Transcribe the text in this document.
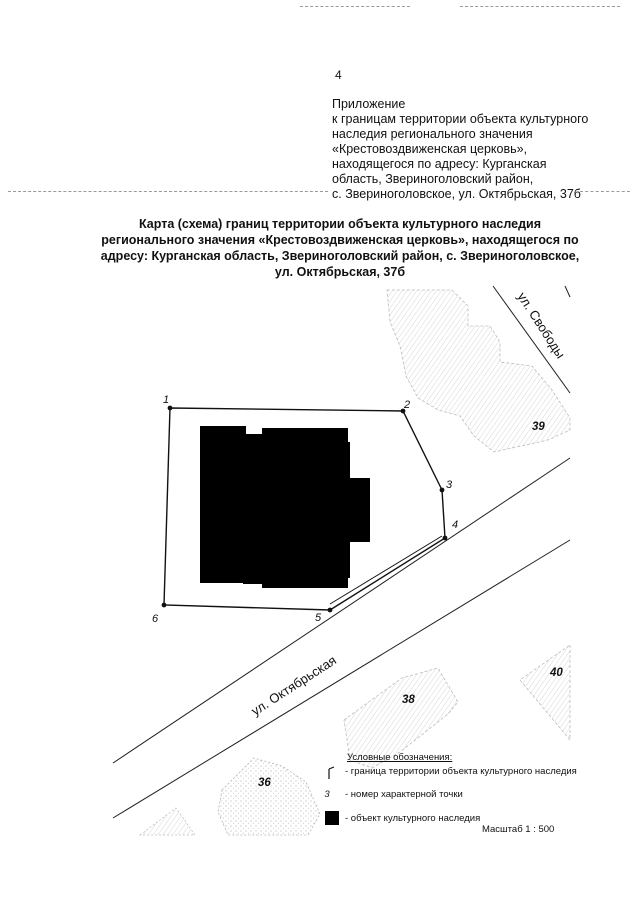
4
Приложение
к границам территории объекта культурного
наследия регионального значения
«Крестовоздвиженская церковь»,
находящегося по адресу: Курганская
область, Звериноголовский район,
с. Звериноголовское, ул. Октябрьская, 37б
Карта (схема) границ территории объекта культурного наследия
регионального значения «Крестовоздвиженская церковь», находящегося по
адресу: Курганская область, Звериноголовский район, с. Звериноголовское,
ул. Октябрьская, 37б
ул. Свободы
ул. Октябрьская
39
40
38
36
1	2
3
4
5
6
Условные обозначения:
- граница территории объекта культурного наследия
3	- номер характерной точки
- объект культурного наследия
Масштаб 1 : 500
